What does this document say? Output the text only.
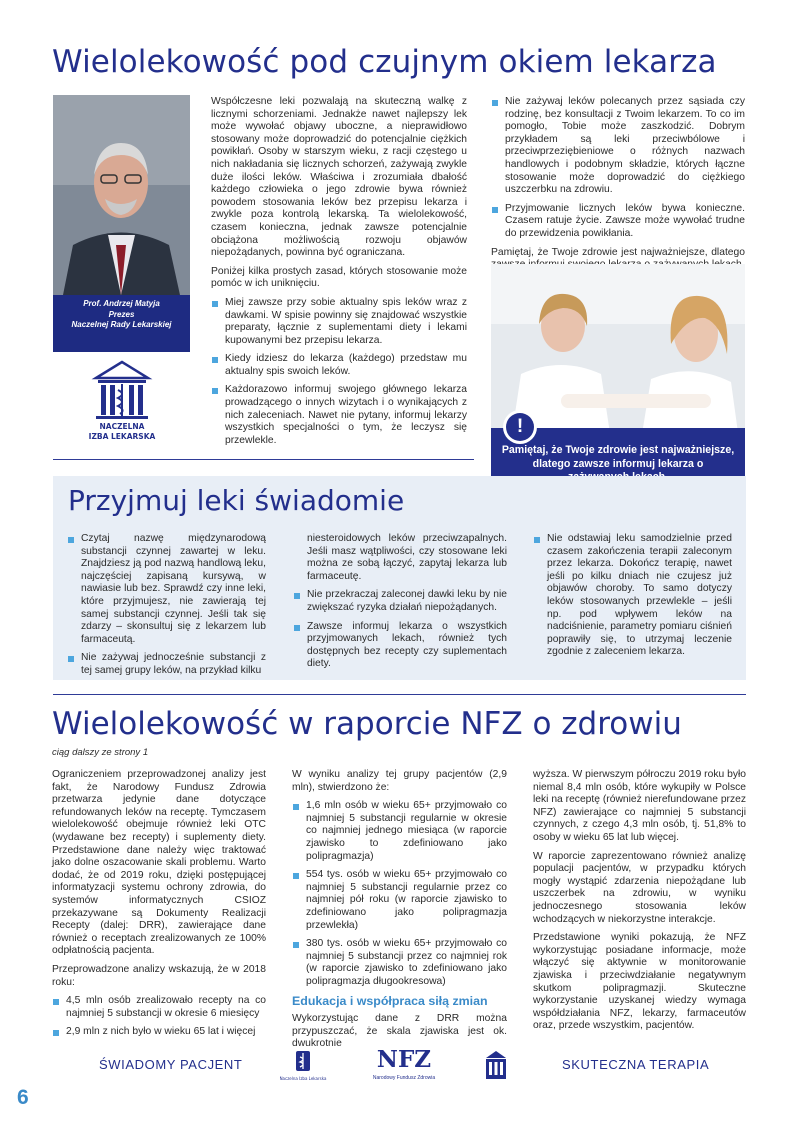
Wielolekowość pod czujnym okiem lekarza
Prof. Andrzej Matyja
Prezes
Naczelnej Rady Lekarskiej
NACZELNA
IZBA LEKARSKA

Współczesne leki pozwalają na skuteczną walkę z licznymi schorzeniami. Jednakże nawet najlepszy lek może wywołać objawy uboczne, a nieprawidłowo stosowany może doprowadzić do potencjalnie ciężkich powikłań. Osoby w starszym wieku, z racji częstego u nich nakładania się licznych schorzeń, zażywają zwykle duże ilości leków. Właściwa i zrozumiała dbałość każdego człowieka o jego zdrowie bywa również powodem stosowania leków bez przepisu lekarza i zwykle poza kontrolą lekarską. Ta wielolekowość, czasem konieczna, jednak zawsze potencjalnie obciążona możliwością rozwoju objawów niepożądanych, powinna być ograniczana.

Poniżej kilka prostych zasad, których stosowanie może pomóc w ich uniknięciu.

Miej zawsze przy sobie aktualny spis leków wraz z dawkami. W spisie powinny się znajdować wszystkie preparaty, łącznie z suplementami diety i lekami kupowanymi bez przepisu lekarza.
Kiedy idziesz do lekarza (każdego) przedstaw mu aktualny spis swoich leków.
Każdorazowo informuj swojego głównego lekarza prowadzącego o innych wizytach i o wynikających z nich zaleceniach. Nawet nie pytany, informuj lekarzy wszystkich specjalności o tym, że leczysz się przewlekle.
Nie zażywaj leków polecanych przez sąsiada czy rodzinę, bez konsultacji z Twoim lekarzem. To co im pomogło, Tobie może zaszkodzić. Dobrym przykładem są leki przeciwbólowe i przeciwprzeziębieniowe o różnych nazwach handlowych i podobnym składzie, których łączne stosowanie może doprowadzić do ciężkiego uszczerbku na zdrowiu.
Przyjmowanie licznych leków bywa konieczne. Czasem ratuje życie. Zawsze może wywołać trudne do przewidzenia powikłania.

Pamiętaj, że Twoje zdrowie jest najważniejsze, dlatego

Pamiętaj, że Twoje zdrowie jest najważniejsze, dlatego zawsze informuj lekarza o
!
Przyjmuj leki świadomie
Czytaj nazwę międzynarodową substancji czynnej zawartej w leku. Znajdziesz ją pod nazwą handlową leku, najczęściej zapisaną kursywą, w nawiasie lub bez. Sprawdź czy inne leki, które przyjmujesz, nie zawierają tej samej substancji czynnej. Jeśli tak się zdarzy – skonsultuj się z lekarzem lub farmaceutą.
Nie zażywaj jednocześnie substancji z tej samej grupy leków, na przykład kilku

niesteroidowych leków przeciwzapalnych. Jeśli masz wątpliwości, czy stosowane leki można ze sobą łączyć, zapytaj lekarza lub farmaceutę.

Nie przekraczaj zaleconej dawki leku by nie zwiększać ryzyka działań niepożądanych.
Zawsze informuj lekarza o wszystkich przyjmowanych lekach, również tych dostępnych bez recepty czy suplementach diety.
Nie odstawiaj leku samodzielnie przed czasem zakończenia terapii zaleconym przez lekarza. Dokończ terapię, nawet jeśli po kilku dniach nie czujesz już objawów choroby. To samo dotyczy leków stosowanych przewlekle – jeśli np. pod wpływem leków na nadciśnienie, parametry pomiaru ciśnień poprawiły się, to utrzymaj leczenie zgodnie z zaleceniem lekarza.
Wielolekowość w raporcie NFZ o zdrowiu
ciąg dalszy ze strony 1

Ograniczeniem przeprowadzonej analizy jest fakt, że Narodowy Fundusz Zdrowia przetwarza jedynie dane dotyczące refundowanych leków na receptę. Tymczasem wielolekowość obejmuje również leki OTC (wydawane bez recepty) i suplementy diety. Przedstawione dane należy więc traktować jako dolne oszacowanie skali problemu. Warto dodać, że od 2019 roku, dzięki postępującej informatyzacji systemu ochrony zdrowia, do systemów informatycznych CSIOZ przekazywane są Dokumenty Realizacji Recepty (dalej: DRR), zawierające dane również o receptach zrealizowanych ze 100% odpłatnością pacjenta.

Przeprowadzone analizy wskazują, że w 2018 roku:

4,5 mln osób zrealizowało recepty na co najmniej 5 substancji w okresie 6 miesięcy
2,9 mln z nich było w wieku 65 lat i więcej

W wyniku analizy tej grupy pacjentów (2,9 mln), stwierdzono że:

1,6 mln osób w wieku 65+ przyjmowało co najmniej 5 substancji regularnie w okresie co najmniej jednego miesiąca (w raporcie zjawisko to zdefiniowano jako polipragmazja)
554 tys. osób w wieku 65+ przyjmowało co najmniej 5 substancji regularnie przez co najmniej pół roku (w raporcie zjawisko to zdefiniowano jako polipragmazja przewlekła)
380 tys. osób w wieku 65+ przyjmowało co najmniej 5 substancji przez co najmniej rok (w raporcie zjawisko to zdefiniowano jako polipragmazja długookresowa)
Edukacja i współpraca siłą zmian

Wykorzystując dane z DRR można przypuszczać, że skala zjawiska jest ok. dwukrotnie

wyższa. W pierwszym półroczu 2019 roku było niemal 8,4 mln osób, które wykupiły w Polsce leki na receptę (również nierefundowane przez NFZ) zawierające co najmniej 5 substancji czynnych, z czego 4,3 mln osób, tj. 51,8% to osoby w wieku 65 lat lub więcej.

W raporcie zaprezentowano również analizę populacji pacjentów, w przypadku których mogły wystąpić zdarzenia niepożądane lub uszczerbek na zdrowiu, w wyniku jednoczesnego stosowania leków wchodzących w niekorzystne interakcje.

Przedstawione wyniki pokazują, że NFZ wykorzystując posiadane informacje, może włączyć się aktywnie w monitorowanie zjawiska i przeciwdziałanie negatywnym skutkom polipragmazji. Skuteczne wykorzystanie uzyskanej wiedzy wymaga współdziałania NFZ, lekarzy, farmaceutów oraz, przede wszystkim, pacjentów.

ŚWIADOMY PACJENT
Naczelna Izba Lekarska
NFZ
Narodowy Fundusz Zdrowia
SKUTECZNA TERAPIA
6
